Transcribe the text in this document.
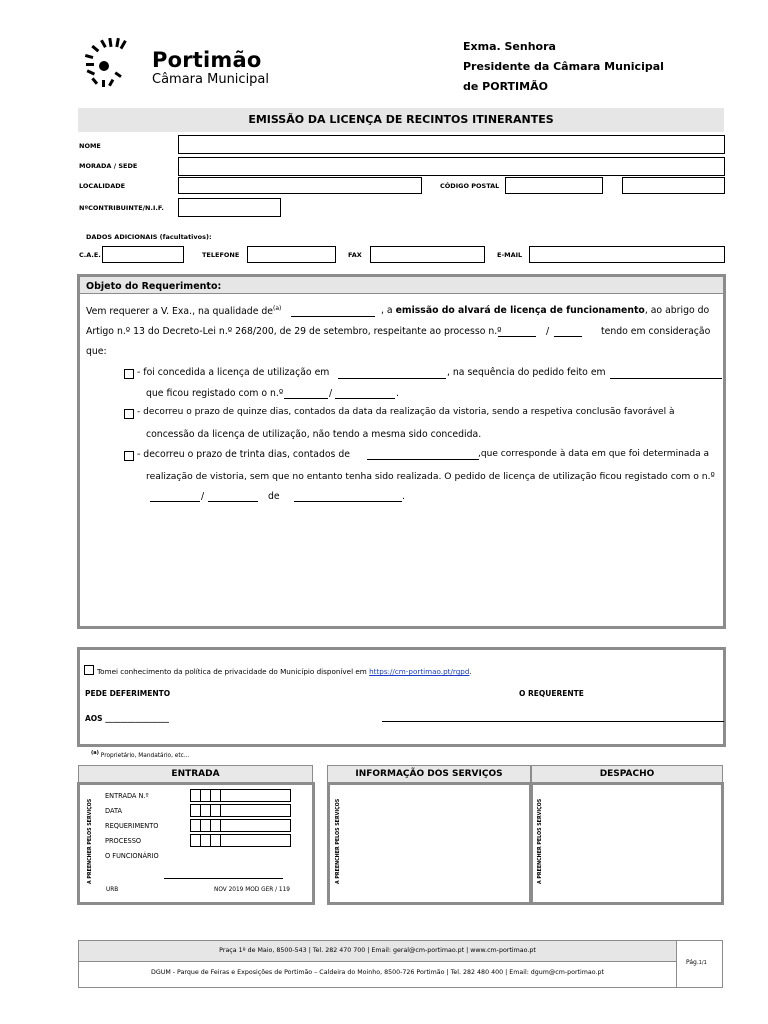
Portimão
Câmara Municipal
Exma. Senhora
Presidente da Câmara Municipal
de PORTIMÃO
EMISSÃO DA LICENÇA DE RECINTOS ITINERANTES
NOME
MORADA / SEDE
LOCALIDADE	CÓDIGO POSTAL
NºCONTRIBUINTE/N.I.F.
DADOS ADICIONAIS (facultativos):
C.A.E.	TELEFONE	FAX	E-MAIL
Objeto do Requerimento:
Vem requerer a V. Exa., na qualidade $de^{(a)}$	, a emissão do alvará de licença de funcionamento, ao abrigo do
Artigo n.º 13 do Decreto-Lei n.º 268/200, de 29 de setembro, respeitante ao processo n.º	/	tendo em consideração
que:
- foi concedida a licença de utilização em	, na sequência do pedido feito em
que ficou registado com o n.º	/	.
- decorreu o prazo de quinze dias, contados da data da realização da vistoria, sendo a respetiva conclusão favorável à
concessão da licença de utilização, não tendo a mesma sido concedida.
- decorreu o prazo de trinta dias, contados de	,que corresponde à data em que foi determinada a
realização de vistoria, sem que no entanto tenha sido realizada. O pedido de licença de utilização ficou registado com o n.º
/	de	.
Tomei conhecimento da política de privacidade do Município disponível em https://cm-portimao.pt/rgpd.
PEDE DEFERIMENTO	O REQUERENTE
AOS _________________
$^{(a)}$ Proprietário, Mandatário, etc...
ENTRADA	INFORMAÇÃO DOS SERVIÇOS	DESPACHO
A PREENCHER PELOS SERVIÇOS	A PREENCHER PELOS SERVIÇOS	A PREENCHER PELOS SERVIÇOS
ENTRADA N.º
DATA
REQUERIMENTO
PROCESSO
O FUNCIONÁRIO
URB	NOV 2019 MOD GER / 119
Praça 1º de Maio, 8500-543 | Tel. 282 470 700 | Email: geral@cm-portimao.pt | www.cm-portimao.pt
DGUM - Parque de Feiras e Exposições de Portimão – Caldeira do Moinho, 8500-726 Portimão | Tel. 282 480 400 | Email: dgum@cm-portimao.pt
Pág.1/1
